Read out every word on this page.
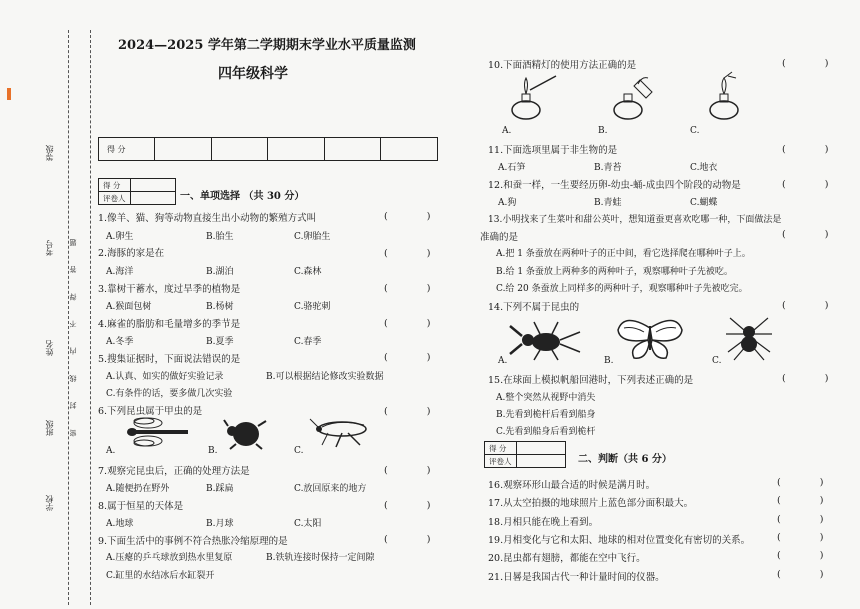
学校
班级
姓名
考号
等级
密 封 线 内 不 得 答 题
2024—2025 学年第二学期期末学业水平质量监测
四年级科学
得 分					
得 分	
评卷人		一、单项选择 （共 30 分）
1.像羊、猫、狗等动物直接生出小动物的繁殖方式叫	( )
A.卵生	B.胎生	C.卵胎生
2.海豚的家是在	( )
A.海洋	B.湖泊	C.森林
3.靠树干蓄水，度过旱季的植物是	( )
A.猴面包树	B.杨树	C.骆驼刺
4.麻雀的脂肪和毛量增多的季节是	( )
A.冬季	B.夏季	C.春季
5.搜集证据时，下面说法错误的是	( )
A.认真、如实的做好实验记录	B.可以根据结论修改实验数据
C.有条件的话，要多做几次实验
6.下列昆虫属于甲虫的是	( )
A.	B.	C.
7.观察完昆虫后，正确的处理方法是	( )
A.随便扔在野外	B.踩扁	C.放回原来的地方
8.属于恒星的天体是	( )
A.地球	B.月球	C.太阳
9.下面生活中的事例不符合热胀冷缩原理的是	( )
A.压瘪的乒乓球放到热水里复原	B.铁轨连接时保持一定间隙
C.缸里的水结冰后水缸裂开
10.下面酒精灯的使用方法正确的是	( )
A.	B.	C.
11.下面选项里属于非生物的是	( )
A.石笋	B.青苔	C.地衣
12.和蚕一样，一生要经历卵-幼虫-蛹-成虫四个阶段的动物是	( )
A.狗	B.青蛙	C.蝴蝶
13.小明找来了生菜叶和甜公英叶，想知道蚕更喜欢吃哪一种，下面做法是
准确的是	( )
A.把 1 条蚕放在两种叶子的正中间，看它选择爬在哪种叶子上。
B.给 1 条蚕放上两种多的两种叶子，观察哪种叶子先被吃。
C.给 20 条蚕放上同样多的两种叶子，观察哪种叶子先被吃完。
14.下列不属于昆虫的	( )
A.	B.	C.
15.在球面上模拟帆船回港时，下列表述正确的是	( )
A.整个突然从视野中消失
B.先看到桅杆后看到船身
C.先看到船身后看到桅杆
得 分	
评卷人		二、判断（共 6 分）
16.观察环形山最合适的时候是满月时。	( )
17.从太空拍摄的地球照片上蓝色部分面积最大。	( )
18.月相只能在晚上看到。	( )
19.月相变化与它和太阳、地球的相对位置变化有密切的关系。	( )
20.昆虫都有翅膀，都能在空中飞行。	( )
21.日晷是我国古代一种计量时间的仪器。	( )
